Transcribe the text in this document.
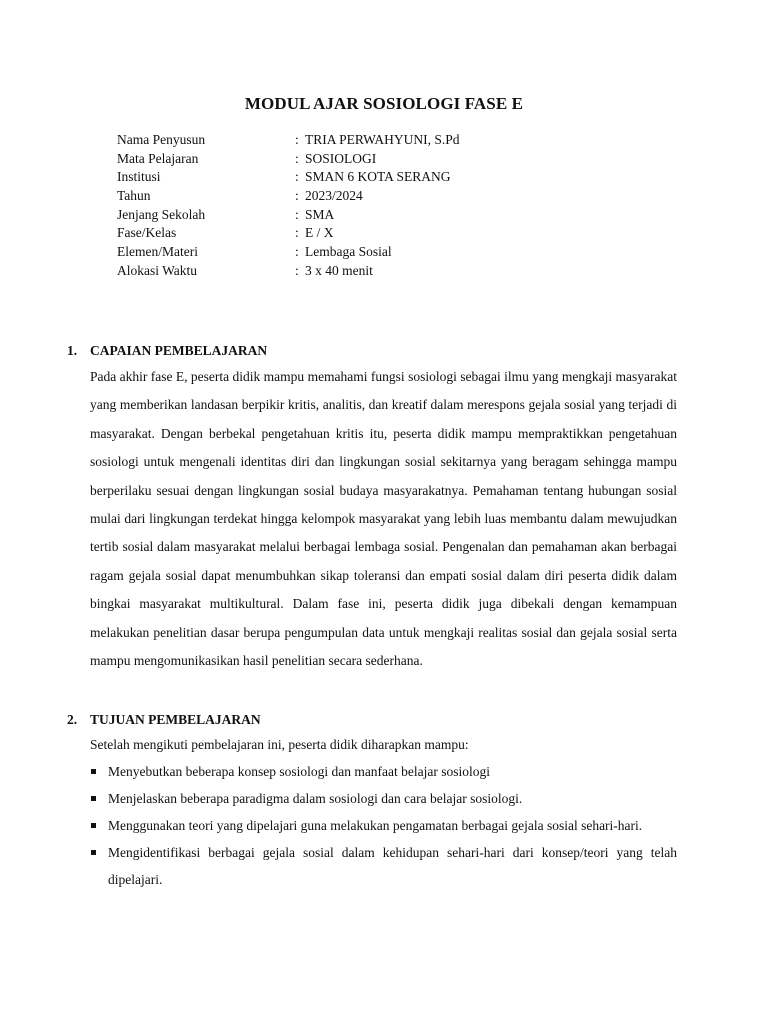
MODUL AJAR SOSIOLOGI FASE E
Nama Penyusun	: TRIA PERWAHYUNI, S.Pd
Mata Pelajaran	: SOSIOLOGI
Institusi	: SMAN 6 KOTA SERANG
Tahun	: 2023/2024
Jenjang Sekolah	: SMA
Fase/Kelas	: E / X
Elemen/Materi	: Lembaga Sosial
Alokasi Waktu	: 3 x 40 menit
1. CAPAIAN PEMBELAJARAN
Pada akhir fase E, peserta didik mampu memahami fungsi sosiologi sebagai ilmu yang mengkaji masyarakat yang memberikan landasan berpikir kritis, analitis, dan kreatif dalam merespons gejala sosial yang terjadi di masyarakat. Dengan berbekal pengetahuan kritis itu, peserta didik mampu mempraktikkan pengetahuan sosiologi untuk mengenali identitas diri dan lingkungan sosial sekitarnya yang beragam sehingga mampu berperilaku sesuai dengan lingkungan sosial budaya masyarakatnya. Pemahaman tentang hubungan sosial mulai dari lingkungan terdekat hingga kelompok masyarakat yang lebih luas membantu dalam mewujudkan tertib sosial dalam masyarakat melalui berbagai lembaga sosial. Pengenalan dan pemahaman akan berbagai ragam gejala sosial dapat menumbuhkan sikap toleransi dan empati sosial dalam diri peserta didik dalam bingkai masyarakat multikultural. Dalam fase ini, peserta didik juga dibekali dengan kemampuan melakukan penelitian dasar berupa pengumpulan data untuk mengkaji realitas sosial dan gejala sosial serta mampu mengomunikasikan hasil penelitian secara sederhana.
2. TUJUAN PEMBELAJARAN
Setelah mengikuti pembelajaran ini, peserta didik diharapkan mampu:
Menyebutkan beberapa konsep sosiologi dan manfaat belajar sosiologi
Menjelaskan beberapa paradigma dalam sosiologi dan cara belajar sosiologi.
Menggunakan teori yang dipelajari guna melakukan pengamatan berbagai gejala sosial sehari-hari.
Mengidentifikasi berbagai gejala sosial dalam kehidupan sehari-hari dari konsep/teori yang telah dipelajari.
